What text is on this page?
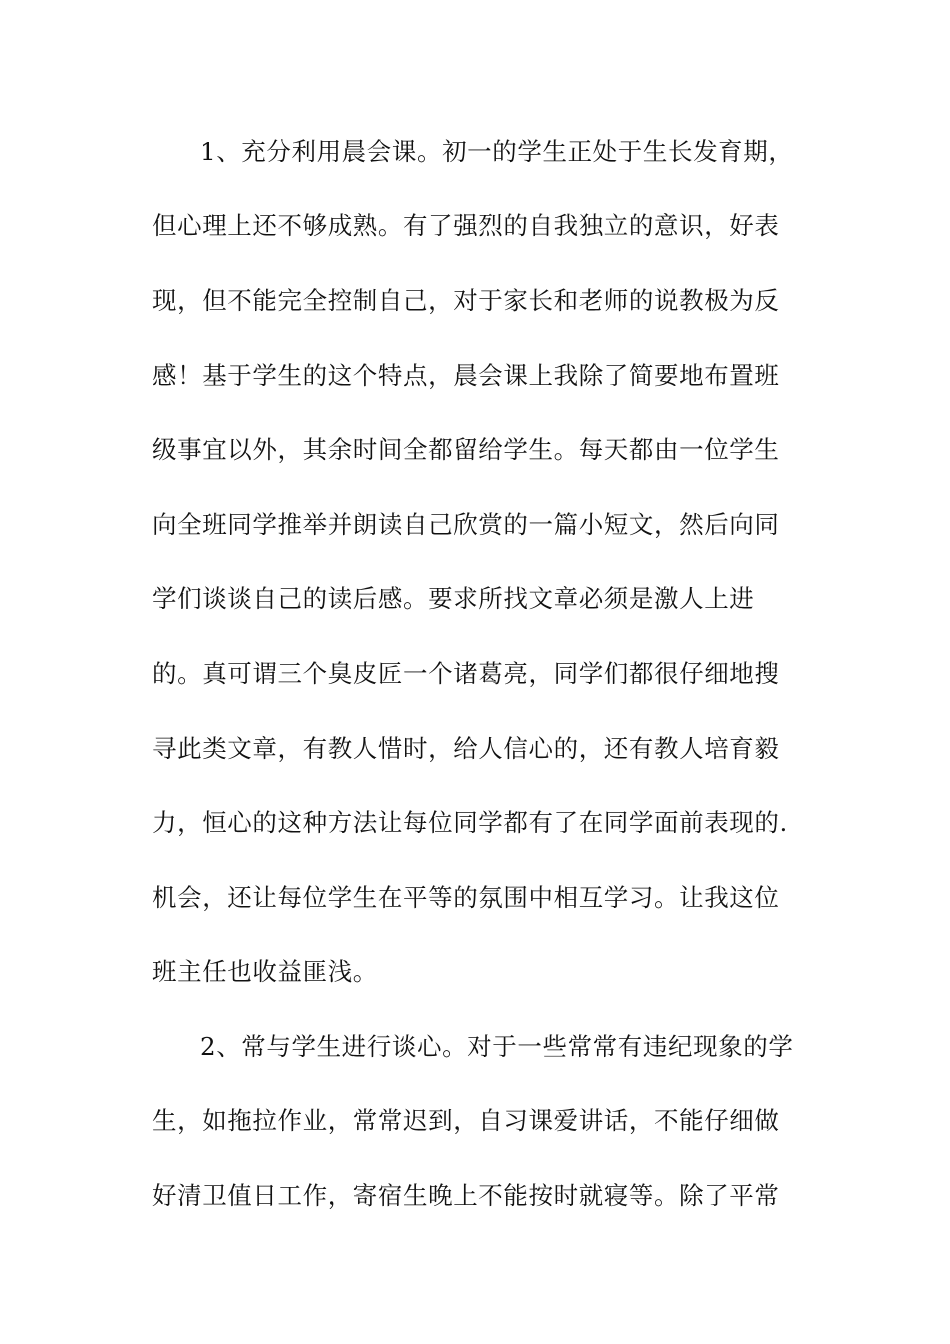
1、充分利用晨会课。初一的学生正处于生长发育期，
但心理上还不够成熟。有了强烈的自我独立的意识，好表
现，但不能完全控制自己，对于家长和老师的说教极为反
感！基于学生的这个特点，晨会课上我除了简要地布置班
级事宜以外，其余时间全都留给学生。每天都由一位学生
向全班同学推举并朗读自己欣赏的一篇小短文，然后向同
学们谈谈自己的读后感。要求所找文章必须是激人上进
的。真可谓三个臭皮匠一个诸葛亮，同学们都很仔细地搜
寻此类文章，有教人惜时，给人信心的，还有教人培育毅
力，恒心的这种方法让每位同学都有了在同学面前表现的.
机会，还让每位学生在平等的氛围中相互学习。让我这位
班主任也收益匪浅。
2、常与学生进行谈心。对于一些常常有违纪现象的学
生，如拖拉作业，常常迟到，自习课爱讲话，不能仔细做
好清卫值日工作，寄宿生晚上不能按时就寝等。除了平常
